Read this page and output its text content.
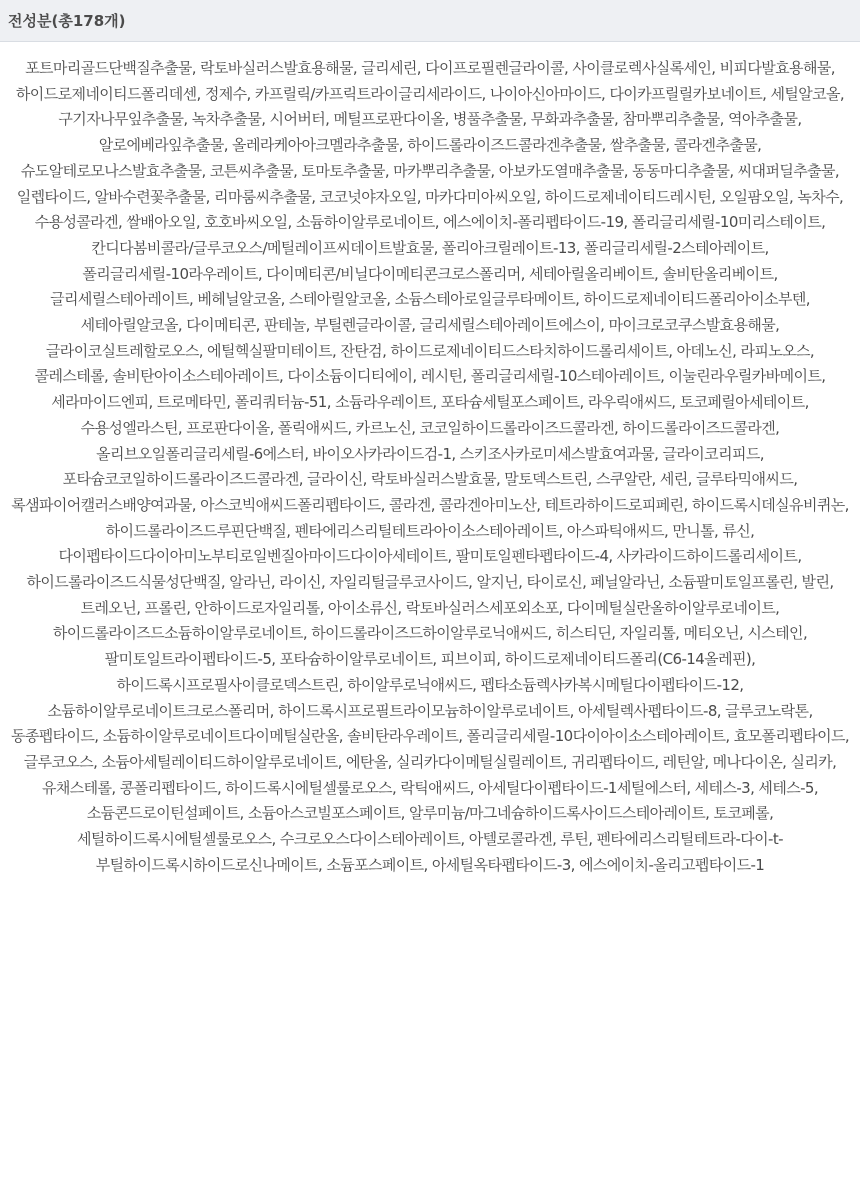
전성분(총178개)

포트마리골드단백질추출물, 락토바실러스발효용해물, 글리세린, 다이프로필렌글라이콜, 사이클로렉사실록세인, 비피다발효용해물, 하이드로제네이티드폴리데센, 정제수, 카프릴릭/카프릭트라이글리세라이드, 나이아신아마이드, 다이카프릴릴카보네이트, 세틸알코올, 구기자나무잎추출물, 녹차추출물, 시어버터, 메틸프로판다이올, 병풀추출물, 무화과추출물, 참마뿌리추출물, 역아추출물, 알로에베라잎추출물, 올레라케아아크멜라추출물, 하이드롤라이즈드콜라겐추출물, 쌀추출물, 콜라겐추출물, 슈도알테로모나스발효추출물, 코튼씨추출물, 토마토추출물, 마카뿌리추출물, 아보카도열매추출물, 동동마디추출물, 씨대퍼딜추출물, 일렙타이드, 알바수련꽃추출물, 리마룸씨추출물, 코코넛야자오일, 마카다미아씨오일, 하이드로제네이티드레시틴, 오일팜오일, 녹차수, 수용성콜라겐, 쌀배아오일, 호호바씨오일, 소듐하이알루로네이트, 에스에이치-폴리펩타이드-19, 폴리글리세릴-10미리스테이트, 칸디다봄비콜라/글루코오스/메틸레이프씨데이트발효물, 폴리아크릴레이트-13, 폴리글리세릴-2스테아레이트, 폴리글리세릴-10라우레이트, 다이메티콘/비닐다이메티콘크로스폴리머, 세테아릴올리베이트, 솔비탄올리베이트, 글리세릴스테아레이트, 베헤닐알코올, 스테아릴알코올, 소듐스테아로일글루타메이트, 하이드로제네이티드폴리아이소부텐, 세테아릴알코올, 다이메티콘, 판테놀, 부틸렌글라이콜, 글리세릴스테아레이트에스이, 마이크로코쿠스발효용해물, 글라이코실트레할로오스, 에틸헥실팔미테이트, 잔탄검, 하이드로제네이티드스타치하이드롤리세이트, 아데노신, 라피노오스, 콜레스테롤, 솔비탄아이소스테아레이트, 다이소듐이디티에이, 레시틴, 폴리글리세릴-10스테아레이트, 이눌린라우릴카바메이트, 세라마이드엔피, 트로메타민, 폴리쿼터늄-51, 소듐라우레이트, 포타슘세틸포스페이트, 라우릭애씨드, 토코페릴아세테이트, 수용성엘라스틴, 프로판다이올, 폴릭애씨드, 카르노신, 코코일하이드롤라이즈드콜라겐, 하이드롤라이즈드콜라겐, 올리브오일폴리글리세릴-6에스터, 바이오사카라이드검-1, 스키조사카로미세스발효여과물, 글라이코리피드, 포타슘코코일하이드롤라이즈드콜라겐, 글라이신, 락토바실러스발효물, 말토덱스트린, 스쿠알란, 세린, 글루타믹애씨드, 록샘파이어캘러스배양여과물, 아스코빅애씨드폴리펩타이드, 콜라겐, 콜라겐아미노산, 테트라하이드로피페린, 하이드록시데실유비퀴논, 하이드롤라이즈드루핀단백질, 펜타에리스리틸테트라아이소스테아레이트, 아스파틱애씨드, 만니톨, 류신, 다이펩타이드다이아미노부티로일벤질아마이드다이아세테이트, 팔미토일펜타펩타이드-4, 사카라이드하이드롤리세이트, 하이드롤라이즈드식물성단백질, 알라닌, 라이신, 자일리틸글루코사이드, 알지닌, 타이로신, 페닐알라닌, 소듐팔미토일프롤린, 발린, 트레오닌, 프롤린, 안하이드로자일리톨, 아이소류신, 락토바실러스세포외소포, 다이메틸실란올하이알루로네이트, 하이드롤라이즈드소듐하이알루로네이트, 하이드롤라이즈드하이알루로닉애씨드, 히스티딘, 자일리톨, 메티오닌, 시스테인, 팔미토일트라이펩타이드-5, 포타슘하이알루로네이트, 피브이피, 하이드로제네이티드폴리(C6-14올레핀), 하이드록시프로필사이클로덱스트린, 하이알루로닉애씨드, 펩타소듐렉사카복시메틸다이펩타이드-12, 소듐하이알루로네이트크로스폴리머, 하이드록시프로필트라이모늄하이알루로네이트, 아세틸렉사펩타이드-8, 글루코노락톤, 동종펩타이드, 소듐하이알루로네이트다이메틸실란올, 솔비탄라우레이트, 폴리글리세릴-10다이아이소스테아레이트, 효모폴리펩타이드, 글루코오스, 소듐아세틸레이티드하이알루로네이트, 에탄올, 실리카다이메틸실릴레이트, 귀리펩타이드, 레틴알, 메나다이온, 실리카, 유채스테롤, 콩폴리펩타이드, 하이드록시에틸셀룰로오스, 락틱애씨드, 아세틸다이펩타이드-1세틸에스터, 세테스-3, 세테스-5, 소듐콘드로이틴설페이트, 소듐아스코빌포스페이트, 알루미늄/마그네슘하이드록사이드스테아레이트, 토코페롤, 세틸하이드록시에틸셀룰로오스, 수크로오스다이스테아레이트, 아텔로콜라겐, 루틴, 펜타에리스리틸테트라-다이-t-부틸하이드록시하이드로신나메이트, 소듐포스페이트, 아세틸옥타펩타이드-3, 에스에이치-올리고펩타이드-1
